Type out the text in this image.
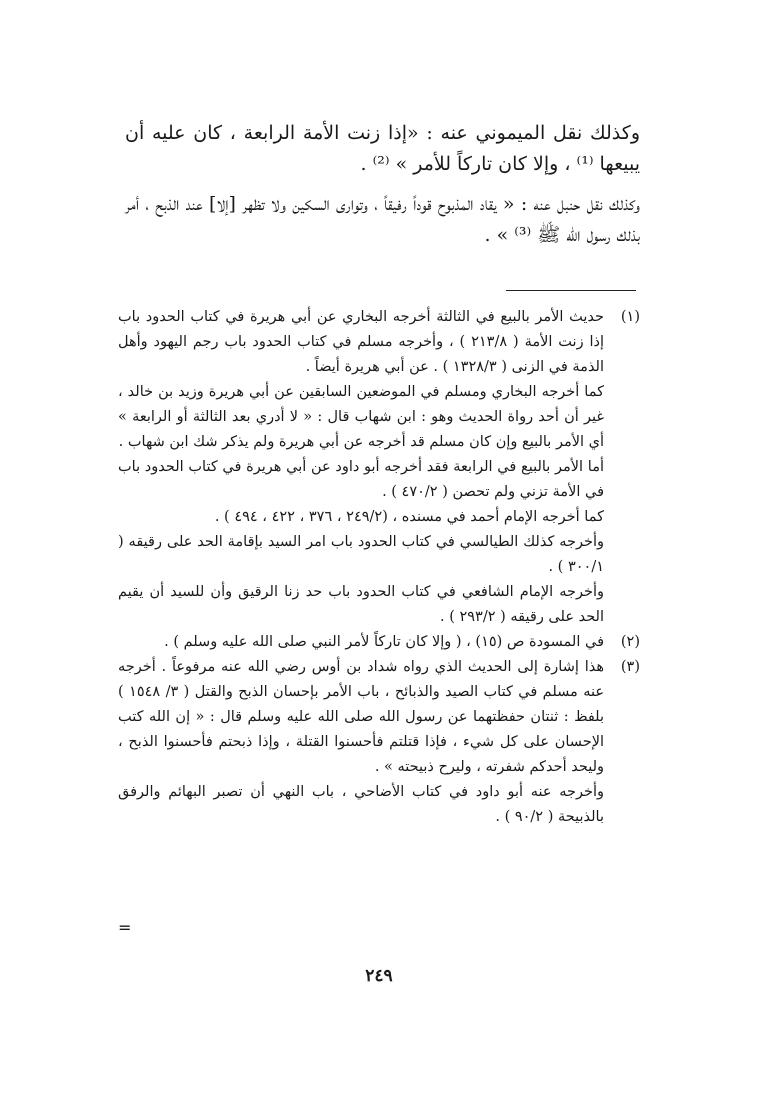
وكذلك نقل الميموني عنه : «إذا زنت الأمة الرابعة ، كان عليه أن يبيعها ⁽¹⁾ ، وإلا كان تاركاً للأمر » ⁽²⁾ .

وكذلك نقل حنبل عنه : « يقاد المذبوح قوداً رفيقاً ، وتوارى السكين ولا تظهر [إلا] عند الذبح ، أمر بذلك رسول الله ﷺ ⁽³⁾ » .

(١)
حديث الأمر بالبيع في الثالثة أخرجه البخاري عن أبي هريرة في كتاب الحدود باب إذا زنت الأمة ( ٢١٣/٨ ) ، وأخرجه مسلم في كتاب الحدود باب رجم اليهود وأهل الذمة في الزنى ( ١٣٢٨/٣ ) . عن أبي هريرة أيضاً .
كما أخرجه البخاري ومسلم في الموضعين السابقين عن أبي هريرة وزيد بن خالد ، غير أن أحد رواة الحديث وهو : ابن شهاب قال : « لا أدري بعد الثالثة أو الرابعة » أي الأمر بالبيع وإن كان مسلم قد أخرجه عن أبي هريرة ولم يذكر شك ابن شهاب .
أما الأمر بالبيع في الرابعة فقد أخرجه أبو داود عن أبي هريرة في كتاب الحدود باب في الأمة تزني ولم تحصن ( ٤٧٠/٢ ) .
كما أخرجه الإمام أحمد في مسنده ، (٢٤٩/٢ ، ٣٧٦ ، ٤٢٢ ، ٤٩٤ ) .
وأخرجه كذلك الطيالسي في كتاب الحدود باب امر السيد بإقامة الحد على رقيقه ( ٣٠٠/١ ) .
وأخرجه الإمام الشافعي في كتاب الحدود باب حد زنا الرقيق وأن للسيد أن يقيم الحد على رقيقه ( ٢٩٣/٢ ) .
(٢)
في المسودة ص (١٥) ، ( وإلا كان تاركاً لأمر النبي صلى الله عليه وسلم ) .
(٣)
هذا إشارة إلى الحديث الذي رواه شداد بن أوس رضي الله عنه مرفوعاً . أخرجه عنه مسلم في كتاب الصيد والذبائح ، باب الأمر بإحسان الذبح والقتل ( ٣/ ١٥٤٨ ) بلفظ : ثنتان حفظتهما عن رسول الله صلى الله عليه وسلم قال : « إن الله كتب الإحسان على كل شيء ، فإذا قتلتم فأحسنوا القتلة ، وإذا ذبحتم فأحسنوا الذبح ، وليحد أحدكم شفرته ، وليرح ذبيحته » .
وأخرجه عنه أبو داود في كتاب الأضاحي ، باب النهي أن تصبر البهائم والرفق بالذبيحة ( ٩٠/٢ ) .
=
٢٤٩
